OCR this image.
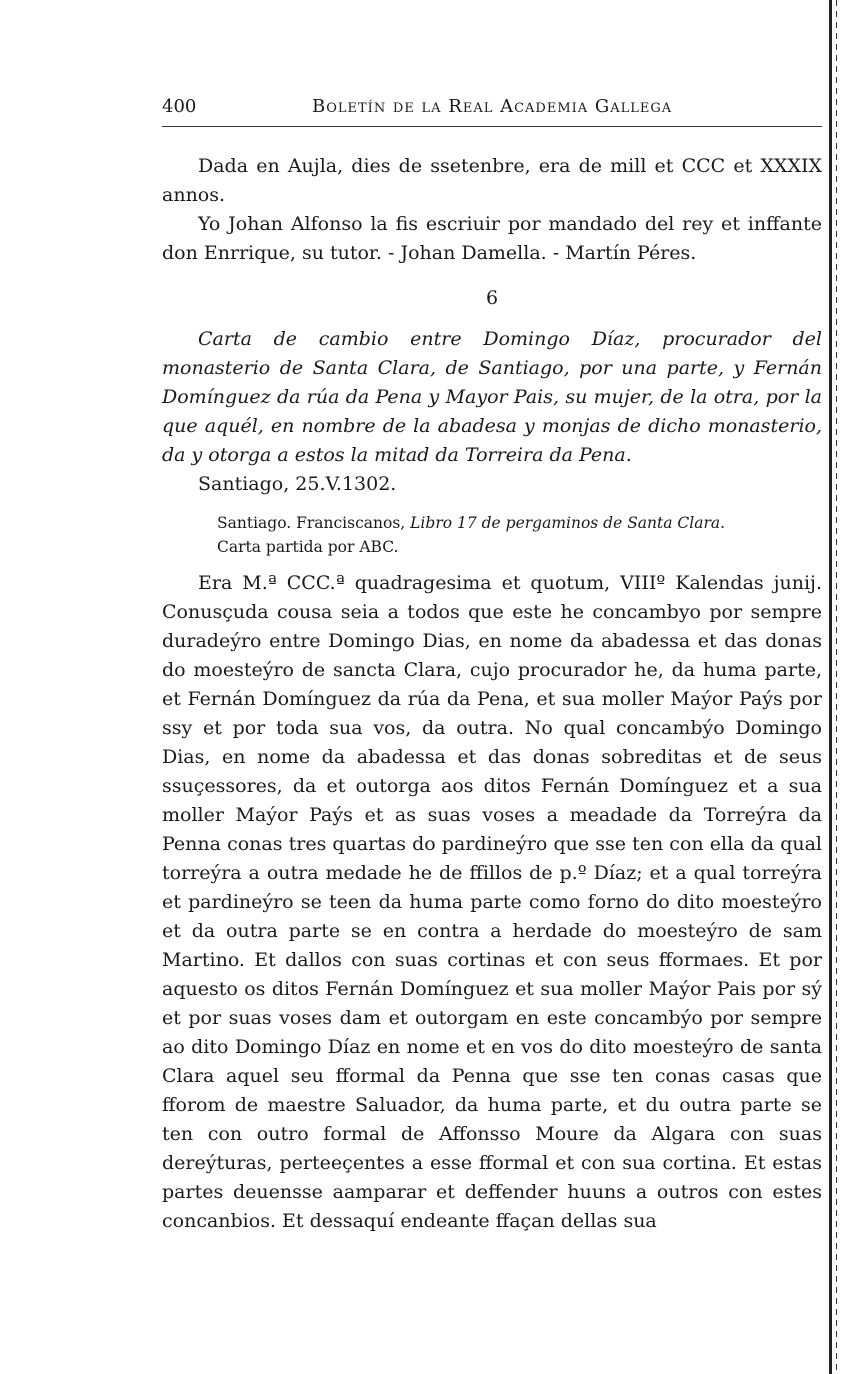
400	Boletín de la Real Academia Gallega

Dada en Aujla, dies de ssetenbre, era de mill et CCC et XXXIX annos.

Yo Johan Alfonso la fis escriuir por mandado del rey et inffante don Enrrique, su tutor. - Johan Damella. - Martín Péres.

6

Carta de cambio entre Domingo Díaz, procurador del monasterio de Santa Clara, de Santiago, por una parte, y Fernán Domínguez da rúa da Pena y Mayor Pais, su mujer, de la otra, por la que aquél, en nombre de la abadesa y monjas de dicho monasterio, da y otorga a estos la mitad da Torreira da Pena.

Santiago, 25.V.1302.

Santiago. Franciscanos, Libro 17 de pergaminos de Santa Clara.
Carta partida por ABC.

Era M.ª CCC.ª quadragesima et quotum, VIIIº Kalendas junij. Conusçuda cousa seia a todos que este he concambyo por sempre duradeýro entre Domingo Dias, en nome da abadessa et das donas do moesteýro de sancta Clara, cujo procurador he, da huma parte, et Fernán Domínguez da rúa da Pena, et sua moller Maýor Paýs por ssy et por toda sua vos, da outra. No qual concambýo Domingo Dias, en nome da abadessa et das donas sobreditas et de seus ssuçessores, da et outorga aos ditos Fernán Domínguez et a sua moller Maýor Paýs et as suas voses a meadade da Torreýra da Penna conas tres quartas do pardineýro que sse ten con ella da qual torreýra a outra medade he de ffillos de p.º Díaz; et a qual torreýra et pardineýro se teen da huma parte como forno do dito moesteýro et da outra parte se en contra a herdade do moesteýro de sam Martino. Et dallos con suas cortinas et con seus fformaes. Et por aquesto os ditos Fernán Domínguez et sua moller Maýor Pais por sý et por suas voses dam et outorgam en este concambýo por sempre ao dito Domingo Díaz en nome et en vos do dito moesteýro de santa Clara aquel seu fformal da Penna que sse ten conas casas que fforom de maestre Saluador, da huma parte, et du outra parte se ten con outro formal de Affonsso Moure da Algara con suas dereýturas, perteeçentes a esse fformal et con sua cortina. Et estas partes deuensse aamparar et deffender huuns a outros con estes concanbios. Et dessaquí endeante ffaçan dellas sua
